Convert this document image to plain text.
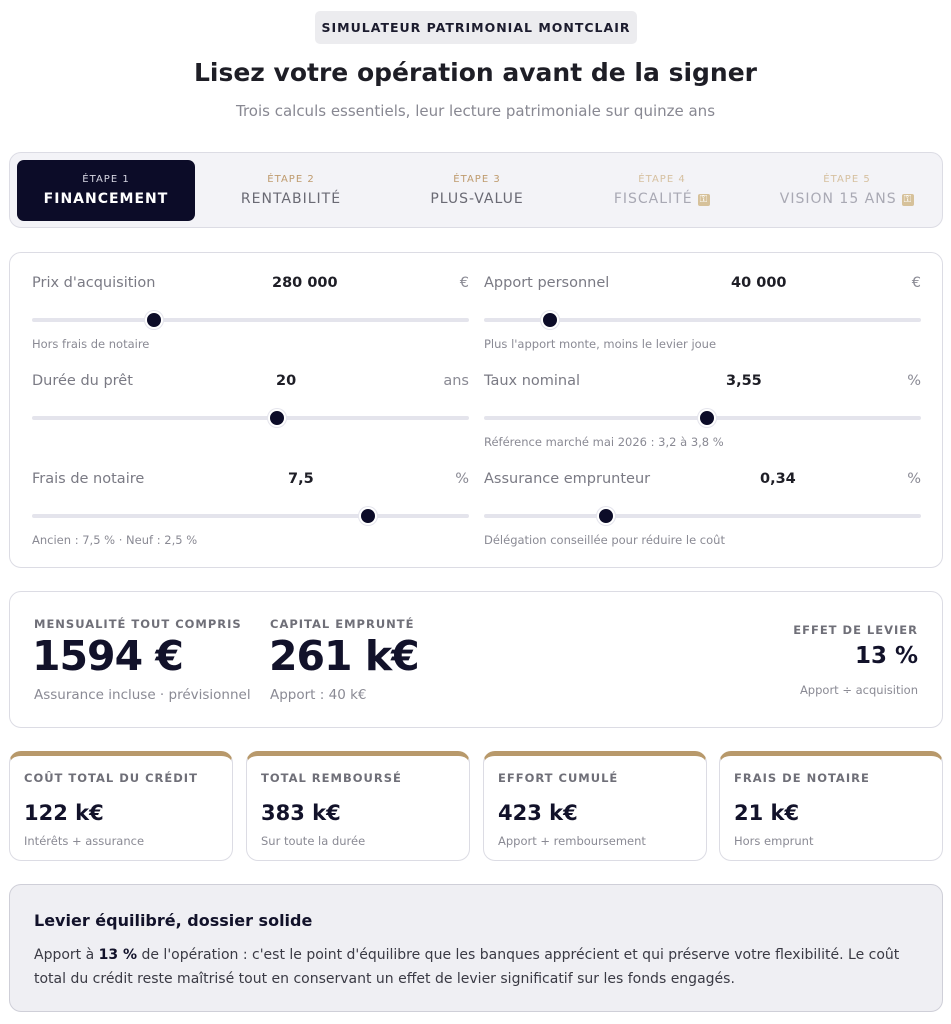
SIMULATEUR PATRIMONIAL MONTCLAIR
Lisez votre opération avant de la signer

Trois calculs essentiels, leur lecture patrimoniale sur quinze ans

ÉTAPE 1
FINANCEMENT
ÉTAPE 2
RENTABILITÉ
ÉTAPE 3
PLUS-VALUE
ÉTAPE 4
FISCALITÉ ⚿
ÉTAPE 5
VISION 15 ANS ⚿
Prix d'acquisition	280 000	€
Hors frais de notaire
Apport personnel	40 000	€
Plus l'apport monte, moins le levier joue
Durée du prêt	20	ans Taux nominal	3,55	%
Référence marché mai 2026 : 3,2 à 3,8 %
Frais de notaire	7,5	%
Ancien : 7,5 % · Neuf : 2,5 %
Assurance emprunteur	0,34	%
Délégation conseillée pour réduire le coût
MENSUALITÉ TOUT COMPRIS
1594 €
Assurance incluse · prévisionnel
CAPITAL EMPRUNTÉ
261 k€
Apport : 40 k€
EFFET DE LEVIER
13 %
Apport ÷ acquisition
COÛT TOTAL DU CRÉDIT
122 k€
Intérêts + assurance
TOTAL REMBOURSÉ
383 k€
Sur toute la durée
EFFORT CUMULÉ
423 k€
Apport + remboursement
FRAIS DE NOTAIRE
21 k€
Hors emprunt
Levier équilibré, dossier solide

Apport à 13 % de l'opération : c'est le point d'équilibre que les banques apprécient et qui préserve votre flexibilité. Le coût total du crédit reste maîtrisé tout en conservant un effet de levier significatif sur les fonds engagés.
